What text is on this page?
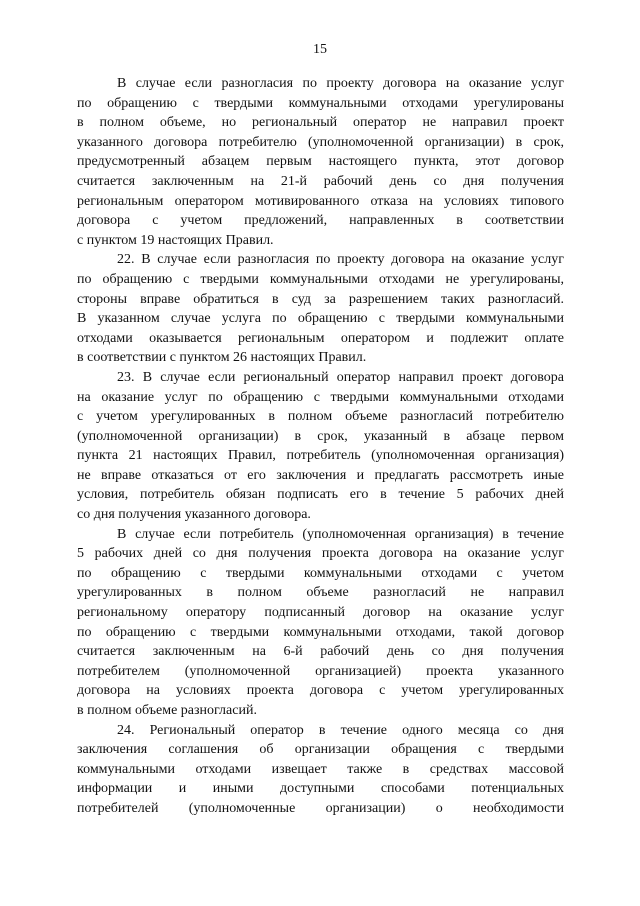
15
В случае если разногласия по проекту договора на оказание услуг
по обращению с твердыми коммунальными отходами урегулированы
в полном объеме, но региональный оператор не направил проект
указанного договора потребителю (уполномоченной организации) в срок,
предусмотренный абзацем первым настоящего пункта, этот договор
считается заключенным на 21-й рабочий день со дня получения
региональным оператором мотивированного отказа на условиях типового
договора с учетом предложений, направленных в соответствии
с пунктом 19 настоящих Правил.
22. В случае если разногласия по проекту договора на оказание услуг
по обращению с твердыми коммунальными отходами не урегулированы,
стороны вправе обратиться в суд за разрешением таких разногласий.
В указанном случае услуга по обращению с твердыми коммунальными
отходами оказывается региональным оператором и подлежит оплате
в соответствии с пунктом 26 настоящих Правил.
23. В случае если региональный оператор направил проект договора
на оказание услуг по обращению с твердыми коммунальными отходами
с учетом урегулированных в полном объеме разногласий потребителю
(уполномоченной организации) в срок, указанный в абзаце первом
пункта 21 настоящих Правил, потребитель (уполномоченная организация)
не вправе отказаться от его заключения и предлагать рассмотреть иные
условия, потребитель обязан подписать его в течение 5 рабочих дней
со дня получения указанного договора.
В случае если потребитель (уполномоченная организация) в течение
5 рабочих дней со дня получения проекта договора на оказание услуг
по обращению с твердыми коммунальными отходами с учетом
урегулированных в полном объеме разногласий не направил
региональному оператору подписанный договор на оказание услуг
по обращению с твердыми коммунальными отходами, такой договор
считается заключенным на 6-й рабочий день со дня получения
потребителем (уполномоченной организацией) проекта указанного
договора на условиях проекта договора с учетом урегулированных
в полном объеме разногласий.
24. Региональный оператор в течение одного месяца со дня
заключения соглашения об организации обращения с твердыми
коммунальными отходами извещает также в средствах массовой
информации и иными доступными способами потенциальных
потребителей (уполномоченные организации) о необходимости
